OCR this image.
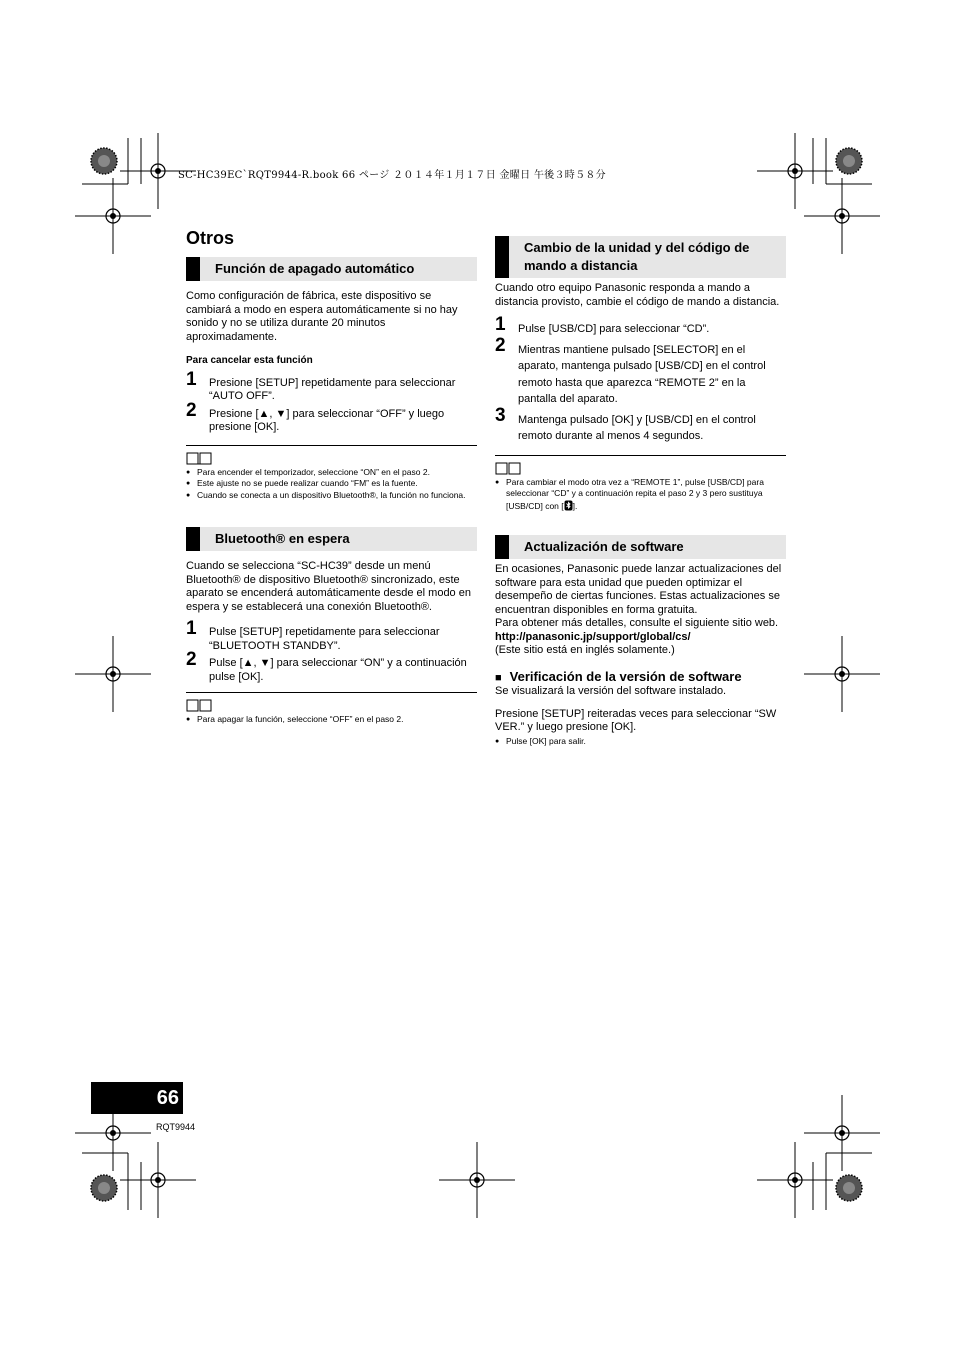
SC-HC39EC`RQT9944-R.book 66 ページ ２０１４年１月１７日 金曜日 午後３時５８分
Otros
Función de apagado automático

Como configuración de fábrica, este dispositivo se cambiará a modo en espera automáticamente si no hay sonido y no se utiliza durante 20 minutos aproximadamente.

Para cancelar esta función

1 Presione [SETUP] repetidamente para seleccionar “AUTO OFF”.
2 Presione [▲, ▼] para seleccionar “OFF” y luego presione [OK].
● Para encender el temporizador, seleccione “ON” en el paso 2.
● Este ajuste no se puede realizar cuando “FM” es la fuente.
● Cuando se conecta a un dispositivo Bluetooth®, la función no funciona.
Bluetooth® en espera

Cuando se selecciona “SC-HC39” desde un menú Bluetooth® de dispositivo Bluetooth® sincronizado, este aparato se encenderá automáticamente desde el modo en espera y se establecerá una conexión Bluetooth®.

1 Pulse [SETUP] repetidamente para seleccionar “BLUETOOTH STANDBY”.
2 Pulse [▲, ▼] para seleccionar “ON” y a continuación pulse [OK].
● Para apagar la función, seleccione “OFF” en el paso 2.
Cambio de la unidad y del código de mando a distancia

Cuando otro equipo Panasonic responda a mando a distancia provisto, cambie el código de mando a distancia.

1 Pulse [USB/CD] para seleccionar “CD”.
2 Mientras mantiene pulsado [SELECTOR] en el aparato, mantenga pulsado [USB/CD] en el control remoto hasta que aparezca “REMOTE 2” en la pantalla del aparato.
3 Mantenga pulsado [OK] y [USB/CD] en el control remoto durante al menos 4 segundos.
● Para cambiar el modo otra vez a “REMOTE 1”, pulse [USB/CD] para seleccionar “CD” y a continuación repita el paso 2 y 3 pero sustituya [USB/CD] con [ ].
Actualización de software

En ocasiones, Panasonic puede lanzar actualizaciones del software para esta unidad que pueden optimizar el desempeño de ciertas funciones. Estas actualizaciones se encuentran disponibles en forma gratuita.

Para obtener más detalles, consulte el siguiente sitio web.

http://panasonic.jp/support/global/cs/

(Este sitio está en inglés solamente.)

■ Verificación de la versión de software

Se visualizará la versión del software instalado.

Presione [SETUP] reiteradas veces para seleccionar “SW VER.” y luego presione [OK].

● Pulse [OK] para salir.
66
RQT9944
